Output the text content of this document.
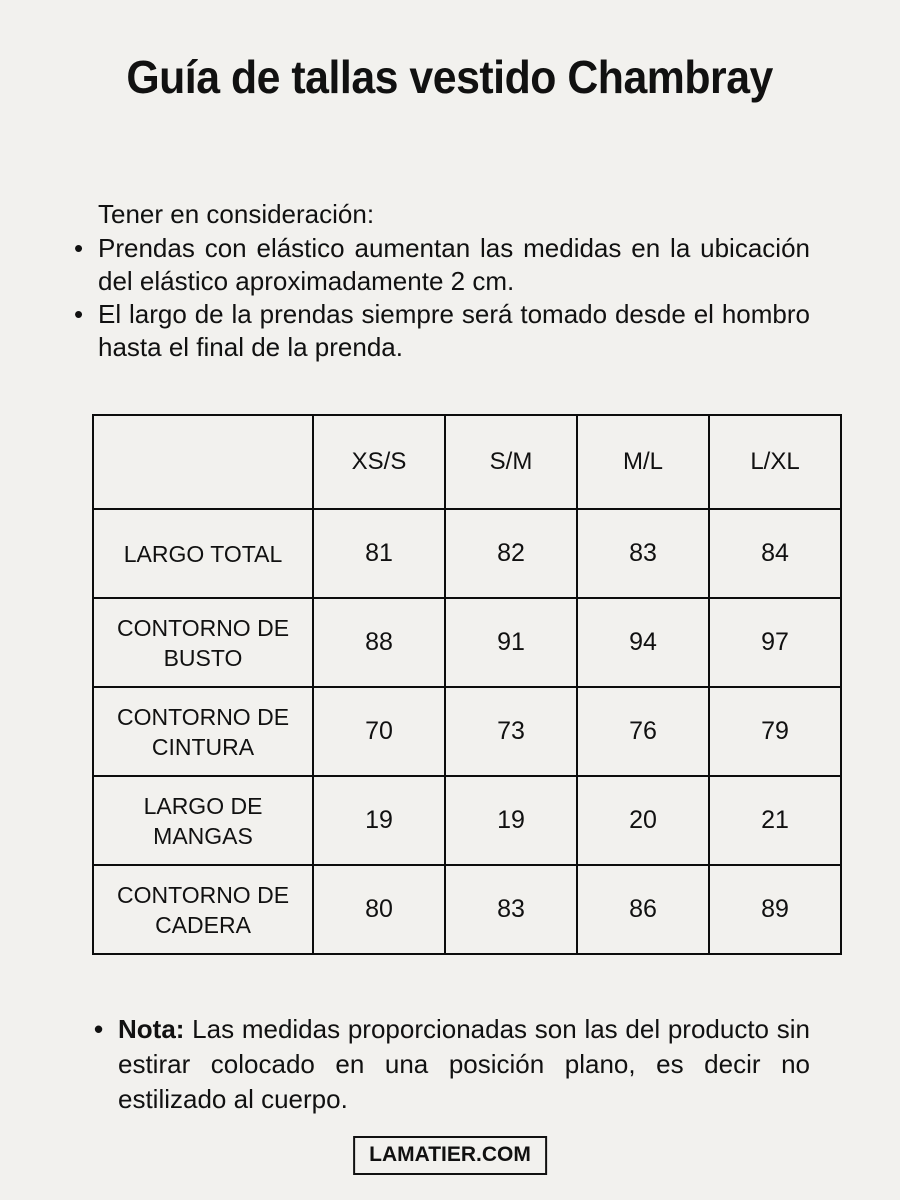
Guía de tallas vestido Chambray
Tener en consideración:
• Prendas con elástico aumentan las medidas en la ubicación del elástico aproximadamente 2 cm.
• El largo de la prendas siempre será tomado desde el hombro hasta el final de la prenda.
	XS/S	S/M	M/L	L/XL
LARGO TOTAL	81	82	83	84
CONTORNO DE BUSTO	88	91	94	97
CONTORNO DE CINTURA	70	73	76	79
LARGO DE MANGAS	19	19	20	21
CONTORNO DE CADERA	80	83	86	89
• Nota: Las medidas proporcionadas son las del producto sin estirar colocado en una posición plano, es decir no estilizado al cuerpo.
LAMATIER.COM
